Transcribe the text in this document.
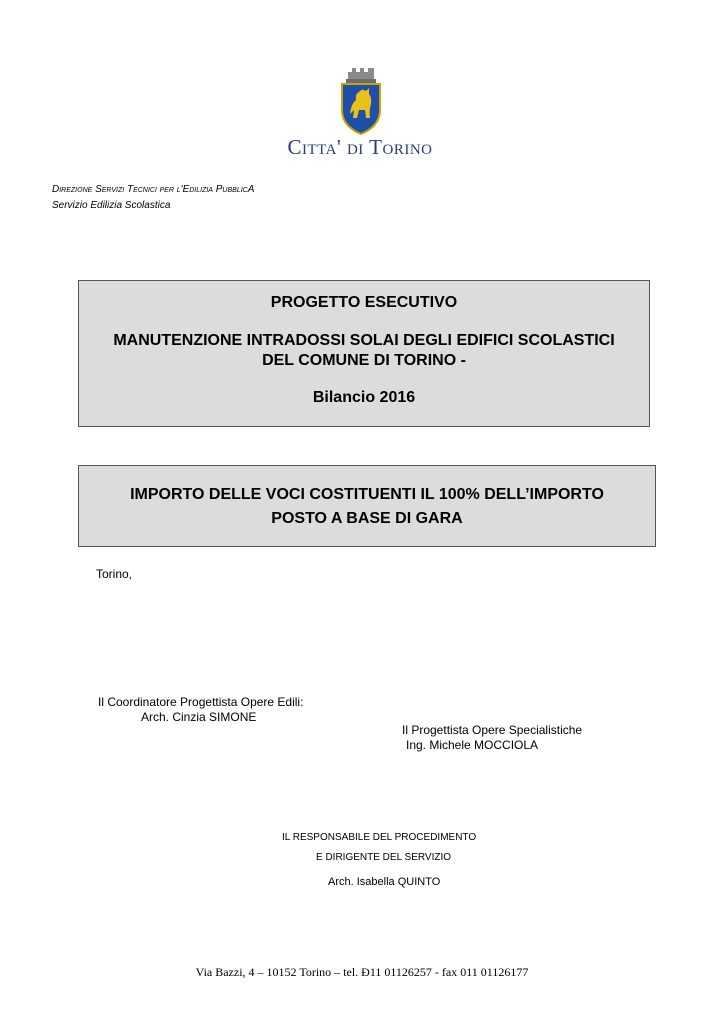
Citta' di Torino
Direzione Servizi Tecnici per l'Edilizia PubblicA
Servizio Edilizia Scolastica
PROGETTO ESECUTIVO
MANUTENZIONE INTRADOSSI SOLAI DEGLI EDIFICI SCOLASTICI
DEL COMUNE DI TORINO -
Bilancio 2016
IMPORTO DELLE VOCI COSTITUENTI IL 100% DELL’IMPORTO
POSTO A BASE DI GARA
Torino,
Il Coordinatore Progettista Opere Edili:
Arch. Cinzia SIMONE
Il Progettista Opere Specialistiche
Ing. Michele MOCCIOLA
IL RESPONSABILE DEL PROCEDIMENTO
E DIRIGENTE DEL SERVIZIO
Arch. Isabella QUINTO
Via Bazzi, 4 – 10152 Torino – tel. Ð11 01126257 - fax 011 01126177
